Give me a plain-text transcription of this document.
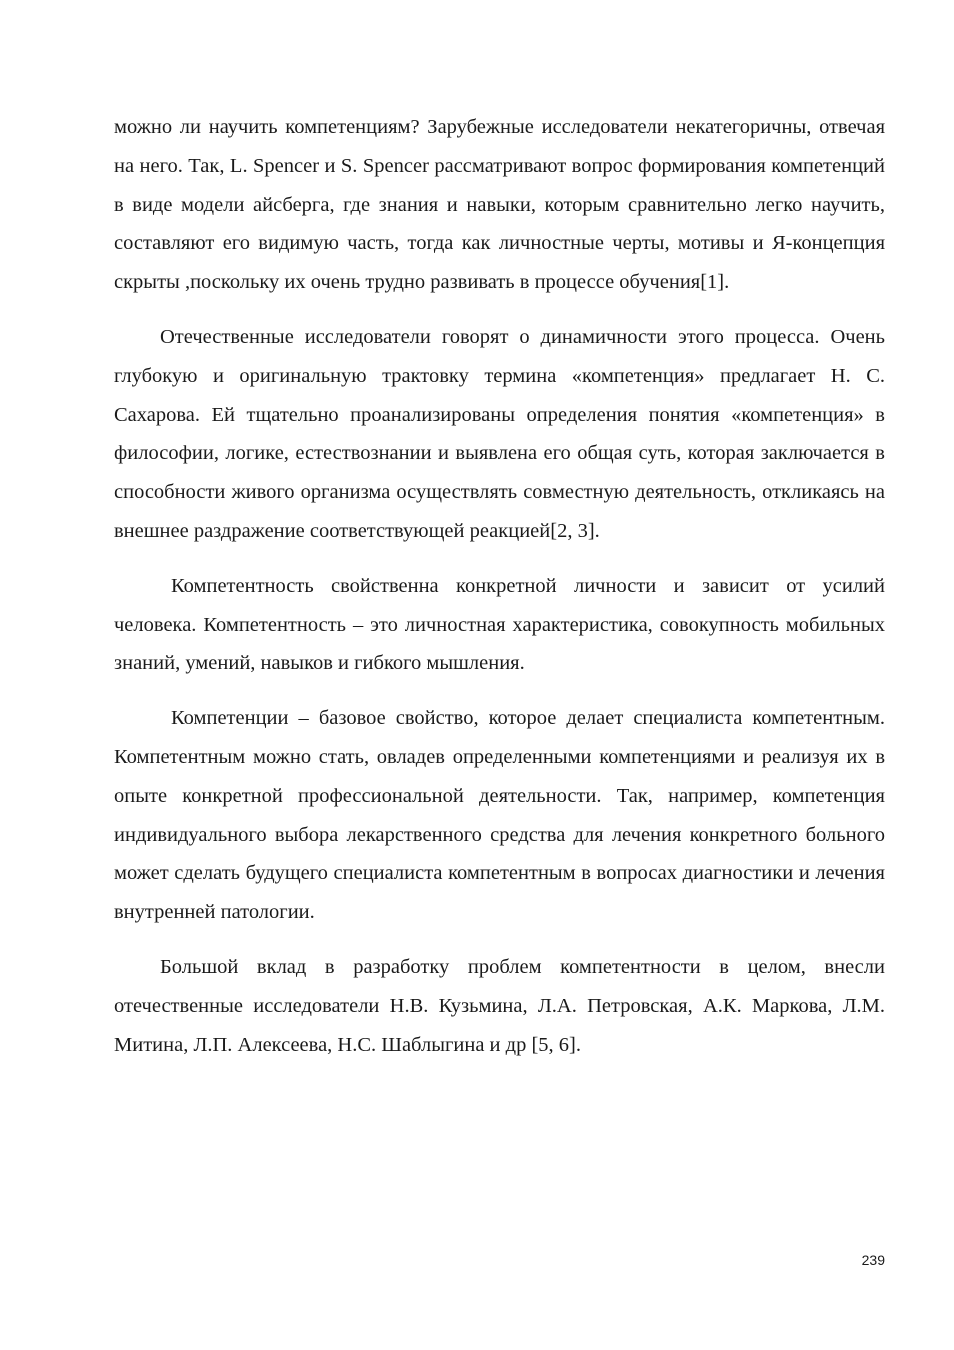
можно ли научить компетенциям? Зарубежные исследователи некатегоричны, отвечая на него. Так, L. Spencer и S. Spencer рассматривают вопрос формирования компетенций в виде модели айсберга, где знания и навыки, которым сравнительно легко научить, составляют его видимую часть, тогда как личностные черты, мотивы и Я-концепция скрыты ,поскольку их очень трудно развивать в процессе обучения[1].

Отечественные исследователи говорят о динамичности этого процесса. Очень глубокую и оригинальную трактовку термина «компетенция» предлагает Н. С. Сахарова. Ей тщательно проанализированы определения понятия «компетенция» в философии, логике, естествознании и выявлена его общая суть, которая заключается в способности живого организма осуществлять совместную деятельность, откликаясь на внешнее раздражение соответствующей реакцией[2, 3].

Компетентность свойственна конкретной личности и зависит от усилий человека. Компетентность – это личностная характеристика, совокупность мобильных знаний, умений, навыков и гибкого мышления.

Компетенции – базовое свойство, которое делает специалиста компетентным. Компетентным можно стать, овладев определенными компетенциями и реализуя их в опыте конкретной профессиональной деятельности. Так, например, компетенция индивидуального выбора лекарственного средства для лечения конкретного больного может сделать будущего специалиста компетентным в вопросах диагностики и лечения внутренней патологии.

Большой вклад в разработку проблем компетентности в целом, внесли отечественные исследователи Н.В. Кузьмина, Л.А. Петровская, А.К. Маркова, Л.М. Митина, Л.П. Алексеева, Н.С. Шаблыгина и др [5, 6].

239
